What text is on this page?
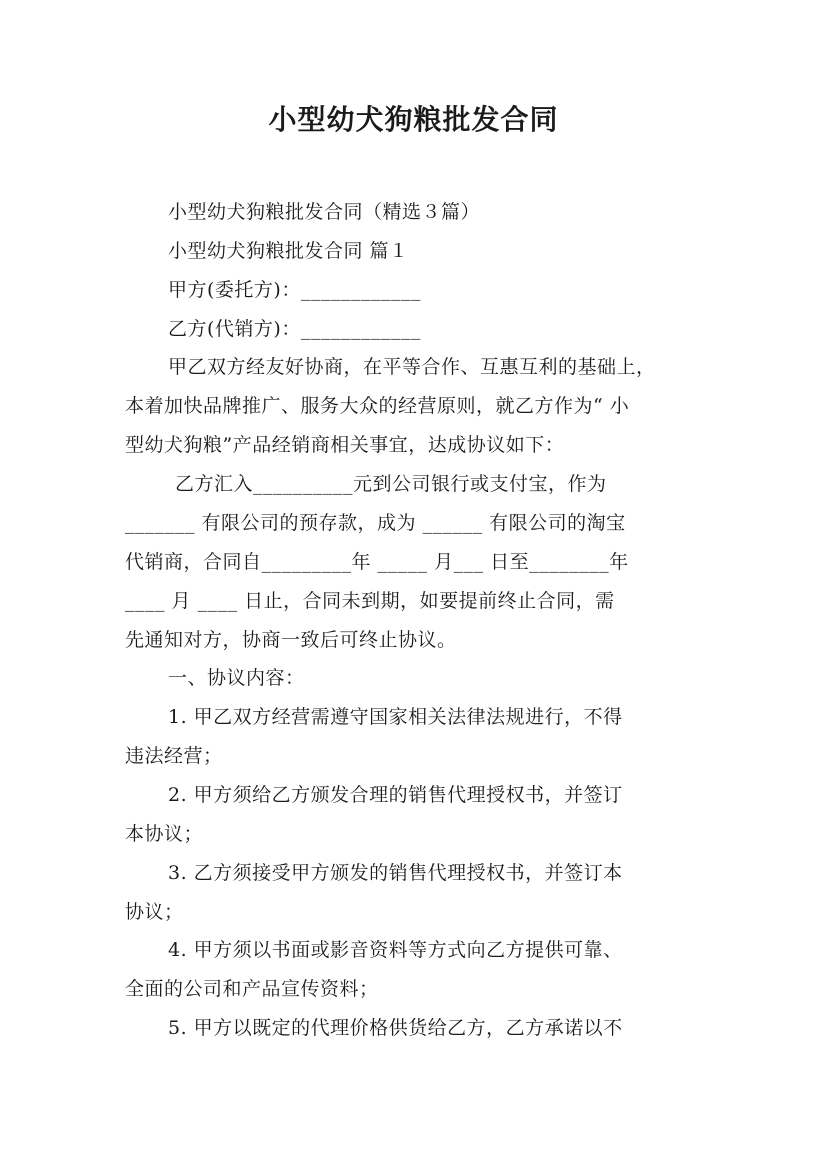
小型幼犬狗粮批发合同
小型幼犬狗粮批发合同（精选３篇）
小型幼犬狗粮批发合同 篇１
甲方(委托方)：____________
乙方(代销方)：____________
甲乙双方经友好协商，在平等合作、互惠互利的基础上，
本着加快品牌推广、服务大众的经营原则，就乙方作为“ 小
型幼犬狗粮”产品经销商相关事宜，达成协议如下：
乙方汇入__________元到公司银行或支付宝，作为
_______ 有限公司的预存款，成为 ______ 有限公司的淘宝
代销商，合同自_________年 _____ 月___ 日至________年
____ 月 ____ 日止，合同未到期，如要提前终止合同，需
先通知对方，协商一致后可终止协议。
一、协议内容：
1. 甲乙双方经营需遵守国家相关法律法规进行，不得
违法经营；
2. 甲方须给乙方颁发合理的销售代理授权书，并签订
本协议；
3. 乙方须接受甲方颁发的销售代理授权书，并签订本
协议；
4. 甲方须以书面或影音资料等方式向乙方提供可靠、
全面的公司和产品宣传资料；
5. 甲方以既定的代理价格供货给乙方，乙方承诺以不
